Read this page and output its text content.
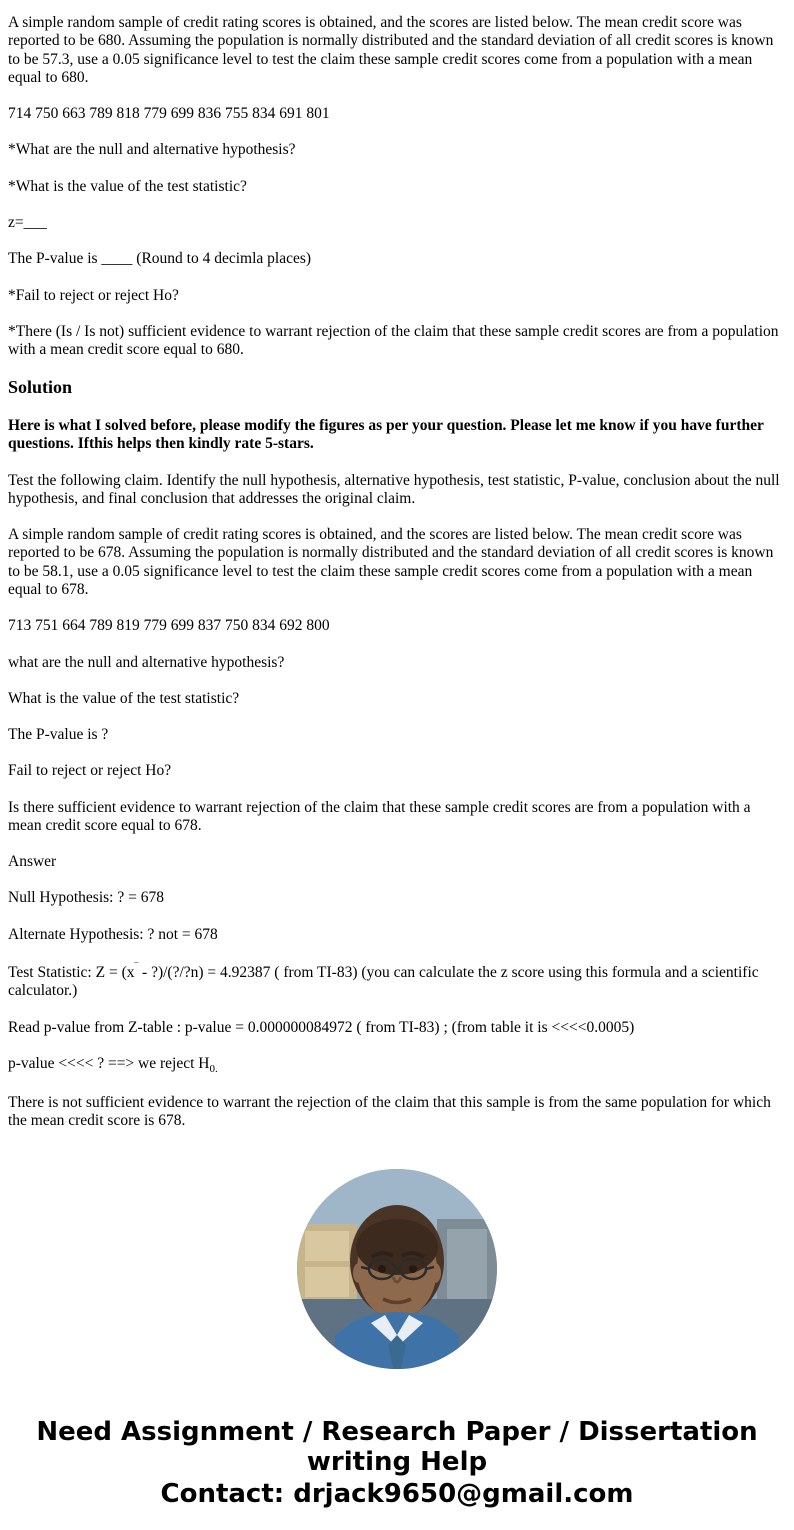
A simple random sample of credit rating scores is obtained, and the scores are listed below. The mean credit score was reported to be 680. Assuming the population is normally distributed and the standard deviation of all credit scores is known to be 57.3, use a 0.05 significance level to test the claim these sample credit scores come from a population with a mean equal to 680.

714 750 663 789 818 779 699 836 755 834 691 801

*What are the null and alternative hypothesis?

*What is the value of the test statistic?

z=___

The P-value is ____ (Round to 4 decimla places)

*Fail to reject or reject Ho?

*There (Is / Is not) sufficient evidence to warrant rejection of the claim that these sample credit scores are from a population with a mean credit score equal to 680.

Solution

Here is what I solved before, please modify the figures as per your question. Please let me know if you have further questions. Ifthis helps then kindly rate 5-stars.

Test the following claim. Identify the null hypothesis, alternative hypothesis, test statistic, P-value, conclusion about the null hypothesis, and final conclusion that addresses the original claim.

A simple random sample of credit rating scores is obtained, and the scores are listed below. The mean credit score was reported to be 678. Assuming the population is normally distributed and the standard deviation of all credit scores is known to be 58.1, use a 0.05 significance level to test the claim these sample credit scores come from a population with a mean equal to 678.

713 751 664 789 819 779 699 837 750 834 692 800

what are the null and alternative hypothesis?

What is the value of the test statistic?

The P-value is ?

Fail to reject or reject Ho?

Is there sufficient evidence to warrant rejection of the claim that these sample credit scores are from a population with a mean credit score equal to 678.

Answer

Null Hypothesis: ? = 678

Alternate Hypothesis: ? not = 678

Test Statistic: Z = (x‾ - ?)/(?/?n) = 4.92387 ( from TI-83) (you can calculate the z score using this formula and a scientific calculator.)

Read p-value from Z-table : p-value = 0.000000084972 ( from TI-83) ; (from table it is <<<<0.0005)

p-value <<<< ? ==> we reject $H_{0.}$

There is not sufficient evidence to warrant the rejection of the claim that this sample is from the same population for which the mean credit score is 678.

Need Assignment / Research Paper / Dissertation
writing Help
Contact: drjack9650@gmail.com
